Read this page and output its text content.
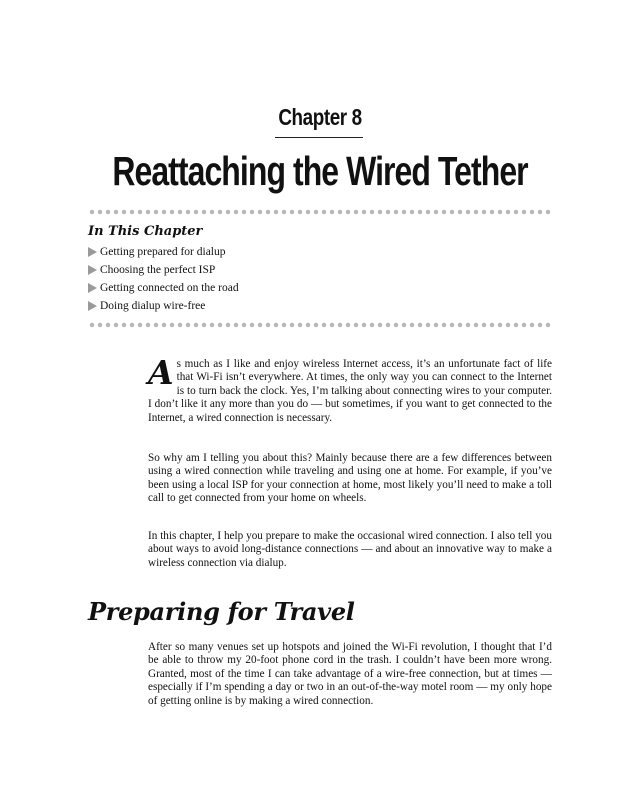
Chapter 8
Reattaching the Wired Tether
In This Chapter
Getting prepared for dialup
Choosing the perfect ISP
Getting connected on the road
Doing dialup wire-free

A s much as I like and enjoy wireless Internet access, it’s an unfortunate fact of life that Wi-Fi isn’t everywhere. At times, the only way you can connect to the Internet is to turn back the clock. Yes, I’m talking about connecting wires to your computer. I don’t like it any more than you do — but sometimes, if you want to get connected to the Internet, a wired connection is necessary.

So why am I telling you about this? Mainly because there are a few differences between using a wired connection while traveling and using one at home. For example, if you’ve been using a local ISP for your connection at home, most likely you’ll need to make a toll call to get connected from your home on wheels.

In this chapter, I help you prepare to make the occasional wired connection. I also tell you about ways to avoid long-distance connections — and about an innovative way to make a wireless connection via dialup.

Preparing for Travel

After so many venues set up hotspots and joined the Wi-Fi revolution, I thought that I’d be able to throw my 20-foot phone cord in the trash. I couldn’t have been more wrong. Granted, most of the time I can take advantage of a wire-free connection, but at times — especially if I’m spending a day or two in an out-of-the-way motel room — my only hope of getting online is by making a wired connection.
